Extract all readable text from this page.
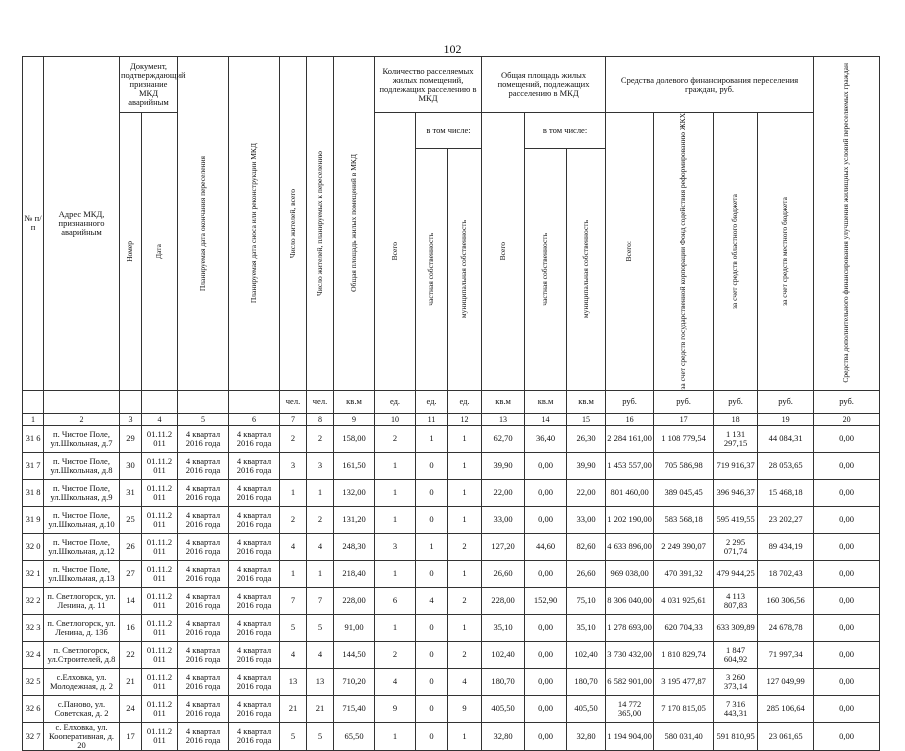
102
№ п/ п	Адрес МКД, признанного аварийным	Документ, подтверждающий признание МКД аварийным		Планируемая дата окончания переселения	Планируемая дата сноса или реконструкции МКД	Число жителей, всего	Число жителей, планируемых к переселению	Общая площадь жилых помещений в МКД	Количество расселяемых жилых помещений, подлежащих расселению в МКД			Общая площадь жилых помещений, подлежащих расселению в МКД			Средства долевого финансирования переселения граждан, руб.				Средства дополнительного финансирования улучшения жилищных условий переселяемых граждан

		Номер	Дата						Всего	в том числе:		Всего	в том числе:		Всего:	за счет средств государственной корпорации Фонд содействия реформированию ЖКХ	за счет средств областного бюджета	за счет средств местного бюджета	

										частная собственность	муниципальная собственность		частная собственность	муниципальная собственность					

						чел.	чел.	кв.м	ед.	ед.	ед.	кв.м	кв.м	кв.м	руб.	руб.	руб.	руб.	руб.
1	2	3	4	5	6	7	8	9	10	11	12	13	14	15	16	17	18	19	20
31 6	п. Чистое Поле, ул.Школьная, д.7	29	01.11.2 011	4 квартал 2016 года	4 квартал 2016 года	2	2	158,00	2	1	1	62,70	36,40	26,30	2 284 161,00	1 108 779,54	1 131 297,15	44 084,31	0,00
31 7	п. Чистое Поле, ул.Школьная, д.8	30	01.11.2 011	4 квартал 2016 года	4 квартал 2016 года	3	3	161,50	1	0	1	39,90	0,00	39,90	1 453 557,00	705 586,98	719 916,37	28 053,65	0,00
31 8	п. Чистое Поле, ул.Школьная, д.9	31	01.11.2 011	4 квартал 2016 года	4 квартал 2016 года	1	1	132,00	1	0	1	22,00	0,00	22,00	801 460,00	389 045,45	396 946,37	15 468,18	0,00
31 9	п. Чистое Поле, ул.Школьная, д.10	25	01.11.2 011	4 квартал 2016 года	4 квартал 2016 года	2	2	131,20	1	0	1	33,00	0,00	33,00	1 202 190,00	583 568,18	595 419,55	23 202,27	0,00
32 0	п. Чистое Поле, ул.Школьная, д.12	26	01.11.2 011	4 квартал 2016 года	4 квартал 2016 года	4	4	248,30	3	1	2	127,20	44,60	82,60	4 633 896,00	2 249 390,07	2 295 071,74	89 434,19	0,00
32 1	п. Чистое Поле, ул.Школьная, д.13	27	01.11.2 011	4 квартал 2016 года	4 квартал 2016 года	1	1	218,40	1	0	1	26,60	0,00	26,60	969 038,00	470 391,32	479 944,25	18 702,43	0,00
32 2	п. Светлогорск, ул. Ленина, д. 11	14	01.11.2 011	4 квартал 2016 года	4 квартал 2016 года	7	7	228,00	6	4	2	228,00	152,90	75,10	8 306 040,00	4 031 925,61	4 113 807,83	160 306,56	0,00
32 3	п. Светлогорск, ул. Ленина, д. 13б	16	01.11.2 011	4 квартал 2016 года	4 квартал 2016 года	5	5	91,00	1	0	1	35,10	0,00	35,10	1 278 693,00	620 704,33	633 309,89	24 678,78	0,00
32 4	п. Светлогорск, ул.Строителей, д.8	22	01.11.2 011	4 квартал 2016 года	4 квартал 2016 года	4	4	144,50	2	0	2	102,40	0,00	102,40	3 730 432,00	1 810 829,74	1 847 604,92	71 997,34	0,00
32 5	с.Елховка, ул. Молодежная, д. 2	21	01.11.2 011	4 квартал 2016 года	4 квартал 2016 года	13	13	710,20	4	0	4	180,70	0,00	180,70	6 582 901,00	3 195 477,87	3 260 373,14	127 049,99	0,00
32 6	с.Паново, ул. Советская, д. 2	24	01.11.2 011	4 квартал 2016 года	4 квартал 2016 года	21	21	715,40	9	0	9	405,50	0,00	405,50	14 772 365,00	7 170 815,05	7 316 443,31	285 106,64	0,00
32 7	с. Елховка, ул. Кооперативная, д. 20	17	01.11.2 011	4 квартал 2016 года	4 квартал 2016 года	5	5	65,50	1	0	1	32,80	0,00	32,80	1 194 904,00	580 031,40	591 810,95	23 061,65	0,00
